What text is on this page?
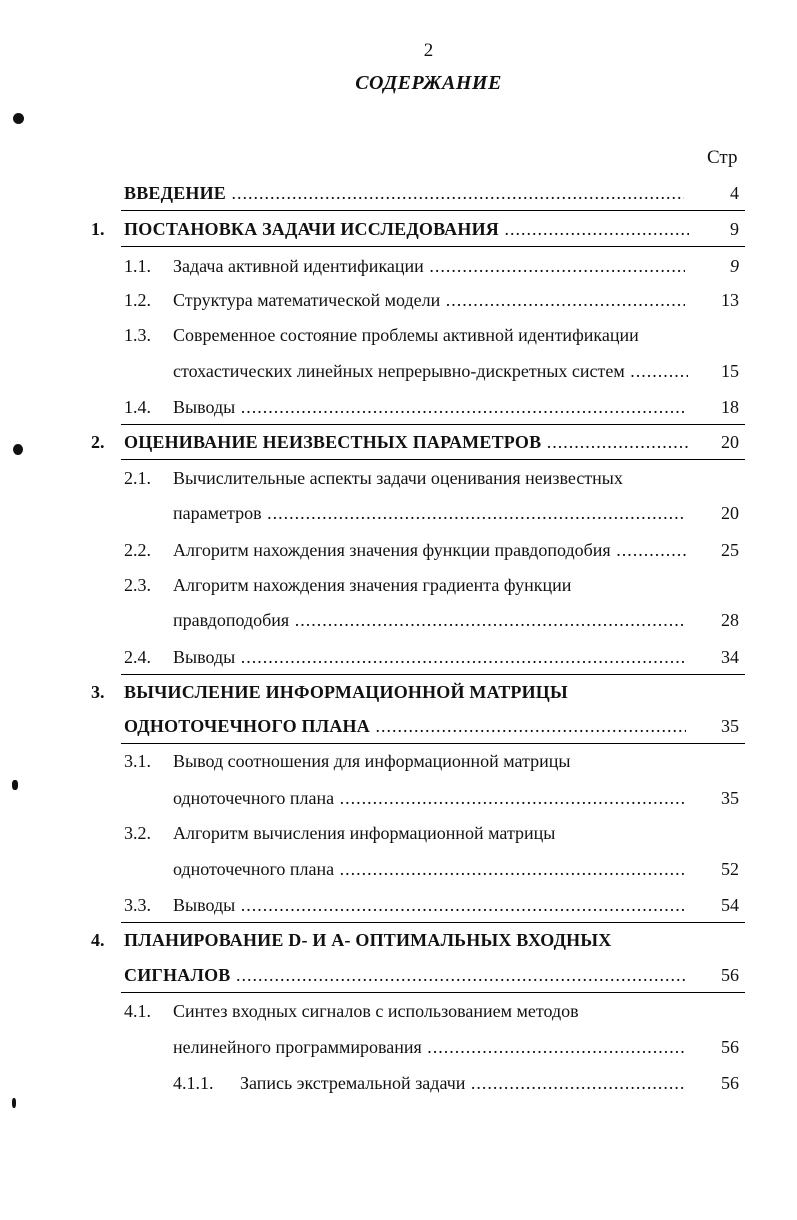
2
СОДЕРЖАНИЕ
Стр
ВВЕДЕНИЕ .....	4
1. ПОСТАНОВКА ЗАДАЧИ ИССЛЕДОВАНИЯ .....	9
1.1. Задача активной идентификации .....	9
1.2. Структура математической модели .....	13
1.3. Современное состояние проблемы активной идентификации
стохастических линейных непрерывно-дискретных систем .....	15
1.4. Выводы .....	18
2. ОЦЕНИВАНИЕ НЕИЗВЕСТНЫХ ПАРАМЕТРОВ .....	20
2.1. Вычислительные аспекты задачи оценивания неизвестных
параметров .....	20
2.2. Алгоритм нахождения значения функции правдоподобия .....	25
2.3. Алгоритм нахождения значения градиента функции
правдоподобия .....	28
2.4. Выводы .....	34
3. ВЫЧИСЛЕНИЕ ИНФОРМАЦИОННОЙ МАТРИЦЫ
ОДНОТОЧЕЧНОГО ПЛАНА .....	35
3.1. Вывод соотношения для информационной матрицы
одноточечного плана .....	35
3.2. Алгоритм вычисления информационной матрицы
одноточечного плана .....	52
3.3. Выводы .....	54
4. ПЛАНИРОВАНИЕ D- И A- ОПТИМАЛЬНЫХ ВХОДНЫХ
СИГНАЛОВ .....	56
4.1. Синтез входных сигналов с использованием методов
нелинейного программирования .....	56
4.1.1. Запись экстремальной задачи .....	56
